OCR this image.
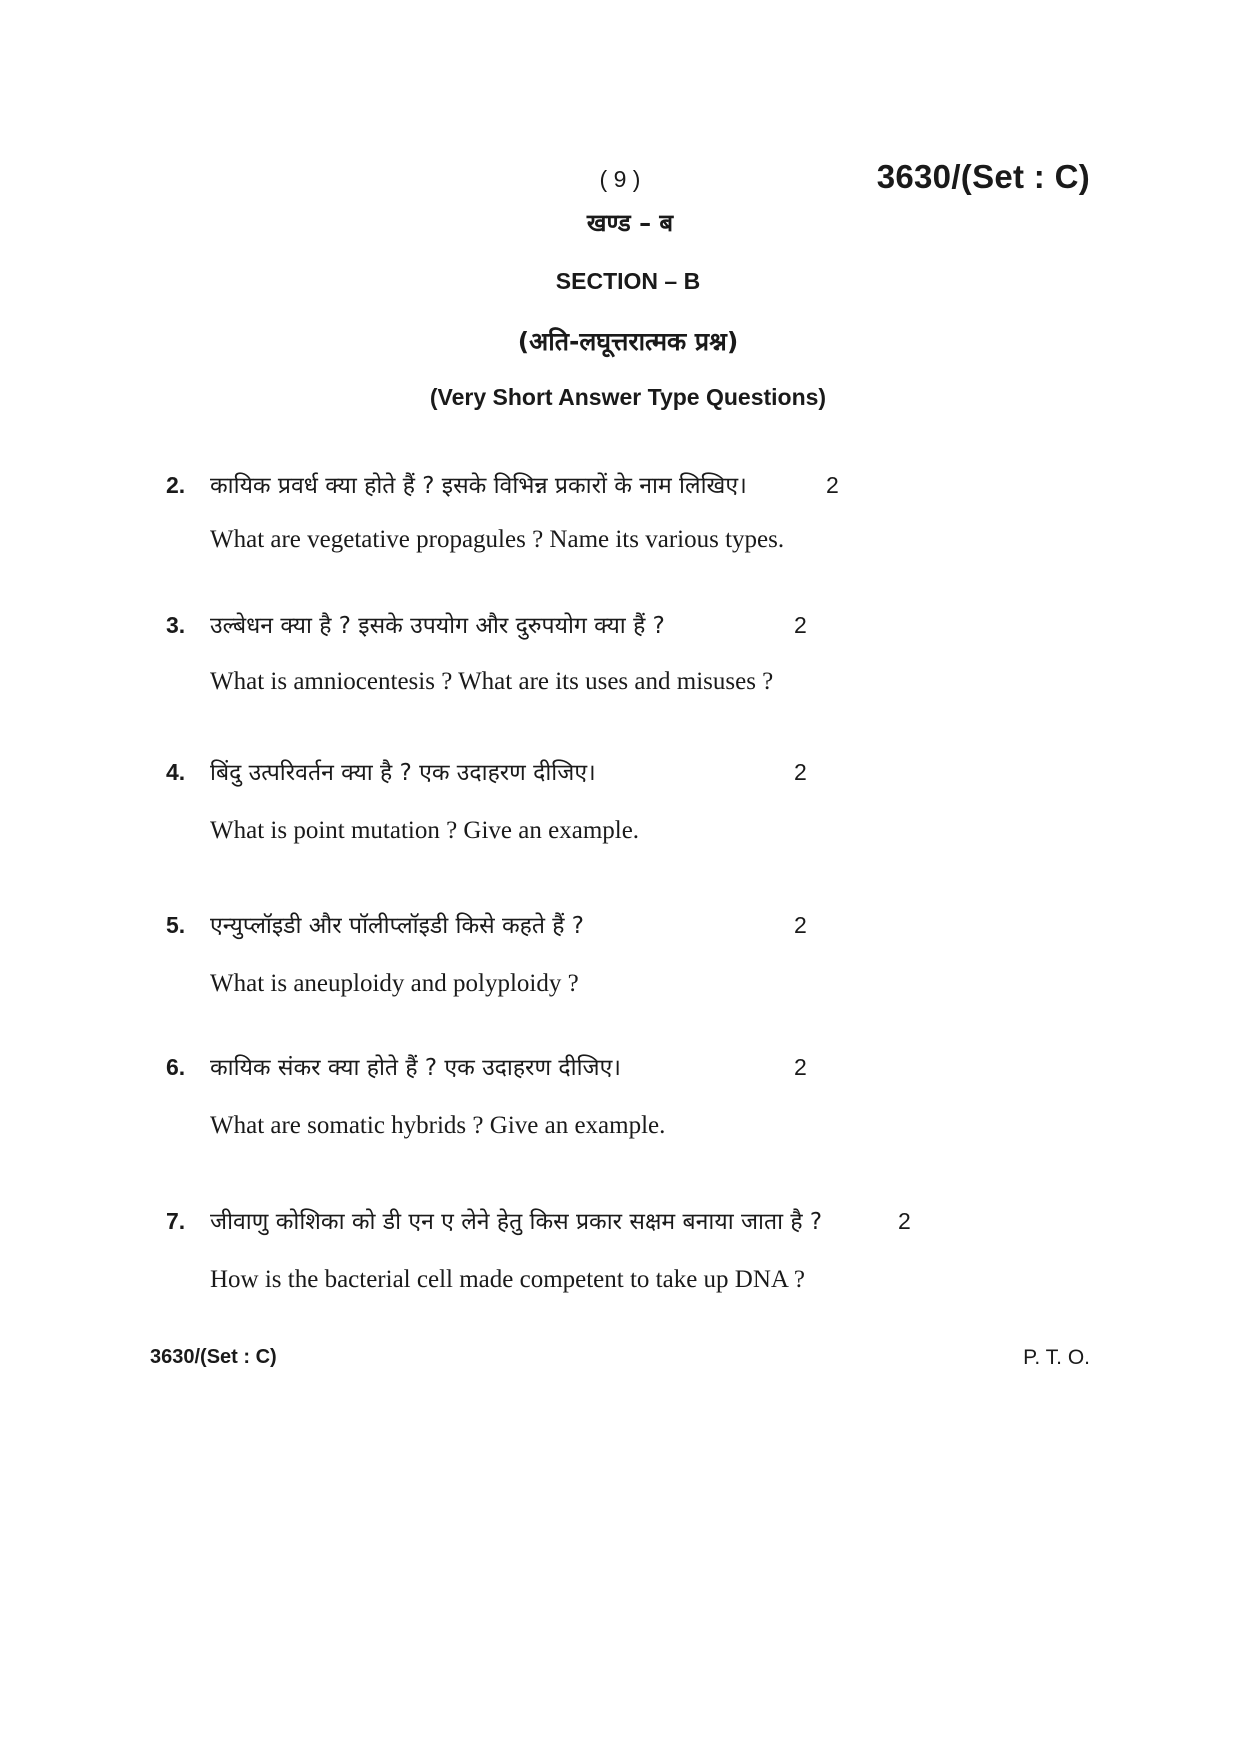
( 9 )	3630/(Set : C)
खण्ड – ब
SECTION – B
(अति-लघूत्तरात्मक प्रश्न)
(Very Short Answer Type Questions)
2. कायिक प्रवर्ध क्या होते हैं ? इसके विभिन्न प्रकारों के नाम लिखिए।	2
What are vegetative propagules ? Name its various types.
3. उल्बेधन क्या है ? इसके उपयोग और दुरुपयोग क्या हैं ?	2
What is amniocentesis ? What are its uses and misuses ?
4. बिंदु उत्परिवर्तन क्या है ? एक उदाहरण दीजिए।	2
What is point mutation ? Give an example.
5. एन्युप्लॉइडी और पॉलीप्लॉइडी किसे कहते हैं ?	2
What is aneuploidy and polyploidy ?
6. कायिक संकर क्या होते हैं ? एक उदाहरण दीजिए।	2
What are somatic hybrids ? Give an example.
7. जीवाणु कोशिका को डी एन ए लेने हेतु किस प्रकार सक्षम बनाया जाता है ?	2
How is the bacterial cell made competent to take up DNA ?
3630/(Set : C)	P. T. O.
